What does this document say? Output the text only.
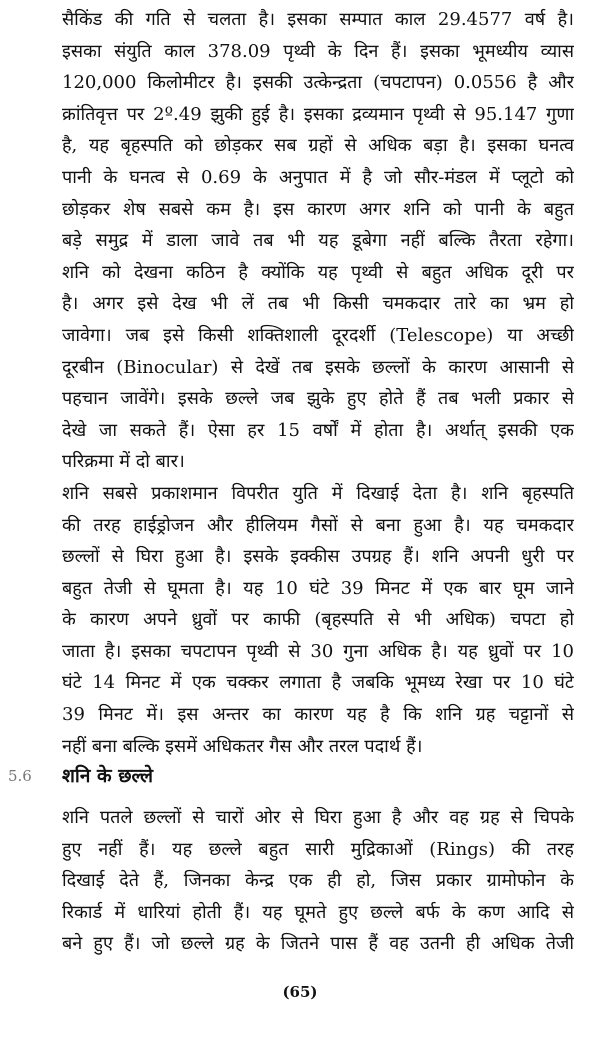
सैकिंड की गति से चलता है। इसका सम्पात काल 29.4577 वर्ष है।
इसका संयुति काल 378.09 पृथ्वी के दिन हैं। इसका भूमध्यीय व्यास
120,000 किलोमीटर है। इसकी उत्केन्द्रता (चपटापन) 0.0556 है और
क्रांतिवृत्त पर 2º.49 झुकी हुई है। इसका द्रव्यमान पृथ्वी से 95.147 गुणा
है, यह बृहस्पति को छोड़कर सब ग्रहों से अधिक बड़ा है। इसका घनत्व
पानी के घनत्व से 0.69 के अनुपात में है जो सौर-मंडल में प्लूटो को
छोड़कर शेष सबसे कम है। इस कारण अगर शनि को पानी के बहुत
बड़े समुद्र में डाला जावे तब भी यह डूबेगा नहीं बल्कि तैरता रहेगा।
शनि को देखना कठिन है क्योंकि यह पृथ्वी से बहुत अधिक दूरी पर
है। अगर इसे देख भी लें तब भी किसी चमकदार तारे का भ्रम हो
जावेगा। जब इसे किसी शक्तिशाली दूरदर्शी (Telescope) या अच्छी
दूरबीन (Binocular) से देखें तब इसके छल्लों के कारण आसानी से
पहचान जावेंगे। इसके छल्ले जब झुके हुए होते हैं तब भली प्रकार से
देखे जा सकते हैं। ऐसा हर 15 वर्षों में होता है। अर्थात् इसकी एक
परिक्रमा में दो बार।
शनि सबसे प्रकाशमान विपरीत युति में दिखाई देता है। शनि बृहस्पति
की तरह हाईड्रोजन और हीलियम गैसों से बना हुआ है। यह चमकदार
छल्लों से घिरा हुआ है। इसके इक्कीस उपग्रह हैं। शनि अपनी धुरी पर
बहुत तेजी से घूमता है। यह 10 घंटे 39 मिनट में एक बार घूम जाने
के कारण अपने ध्रुवों पर काफी (बृहस्पति से भी अधिक) चपटा हो
जाता है। इसका चपटापन पृथ्वी से 30 गुना अधिक है। यह ध्रुवों पर 10
घंटे 14 मिनट में एक चक्कर लगाता है जबकि भूमध्य रेखा पर 10 घंटे
39 मिनट में। इस अन्तर का कारण यह है कि शनि ग्रह चट्टानों से
नहीं बना बल्कि इसमें अधिकतर गैस और तरल पदार्थ हैं।
5.6 शनि के छल्ले
शनि पतले छल्लों से चारों ओर से घिरा हुआ है और वह ग्रह से चिपके
हुए नहीं हैं। यह छल्ले बहुत सारी मुद्रिकाओं (Rings) की तरह
दिखाई देते हैं, जिनका केन्द्र एक ही हो, जिस प्रकार ग्रामोफोन के
रिकार्ड में धारियां होती हैं। यह घूमते हुए छल्ले बर्फ के कण आदि से
बने हुए हैं। जो छल्ले ग्रह के जितने पास हैं वह उतनी ही अधिक तेजी
(65)
